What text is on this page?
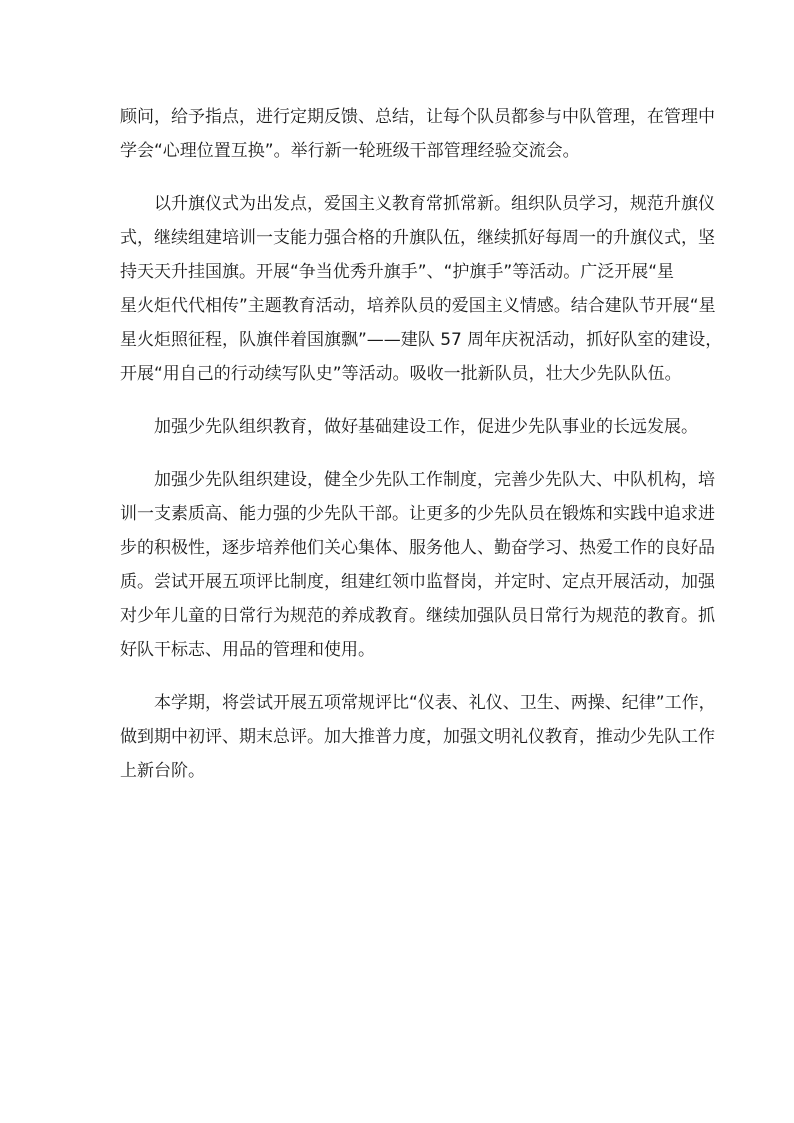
顾问，给予指点，进行定期反馈、总结，让每个队员都参与中队管理，在管理中
学会“心理位置互换”。举行新一轮班级干部管理经验交流会。
以升旗仪式为出发点，爱国主义教育常抓常新。组织队员学习，规范升旗仪
式，继续组建培训一支能力强合格的升旗队伍，继续抓好每周一的升旗仪式，坚
持天天升挂国旗。开展“争当优秀升旗手”、“护旗手”等活动。广泛开展“星
星火炬代代相传”主题教育活动，培养队员的爱国主义情感。结合建队节开展“星
星火炬照征程，队旗伴着国旗飘”——建队 57 周年庆祝活动，抓好队室的建设，
开展“用自己的行动续写队史”等活动。吸收一批新队员，壮大少先队队伍。
加强少先队组织教育，做好基础建设工作，促进少先队事业的长远发展。
加强少先队组织建设，健全少先队工作制度，完善少先队大、中队机构，培
训一支素质高、能力强的少先队干部。让更多的少先队员在锻炼和实践中追求进
步的积极性，逐步培养他们关心集体、服务他人、勤奋学习、热爱工作的良好品
质。尝试开展五项评比制度，组建红领巾监督岗，并定时、定点开展活动，加强
对少年儿童的日常行为规范的养成教育。继续加强队员日常行为规范的教育。抓
好队干标志、用品的管理和使用。
本学期，将尝试开展五项常规评比“仪表、礼仪、卫生、两操、纪律”工作，
做到期中初评、期末总评。加大推普力度，加强文明礼仪教育，推动少先队工作
上新台阶。
